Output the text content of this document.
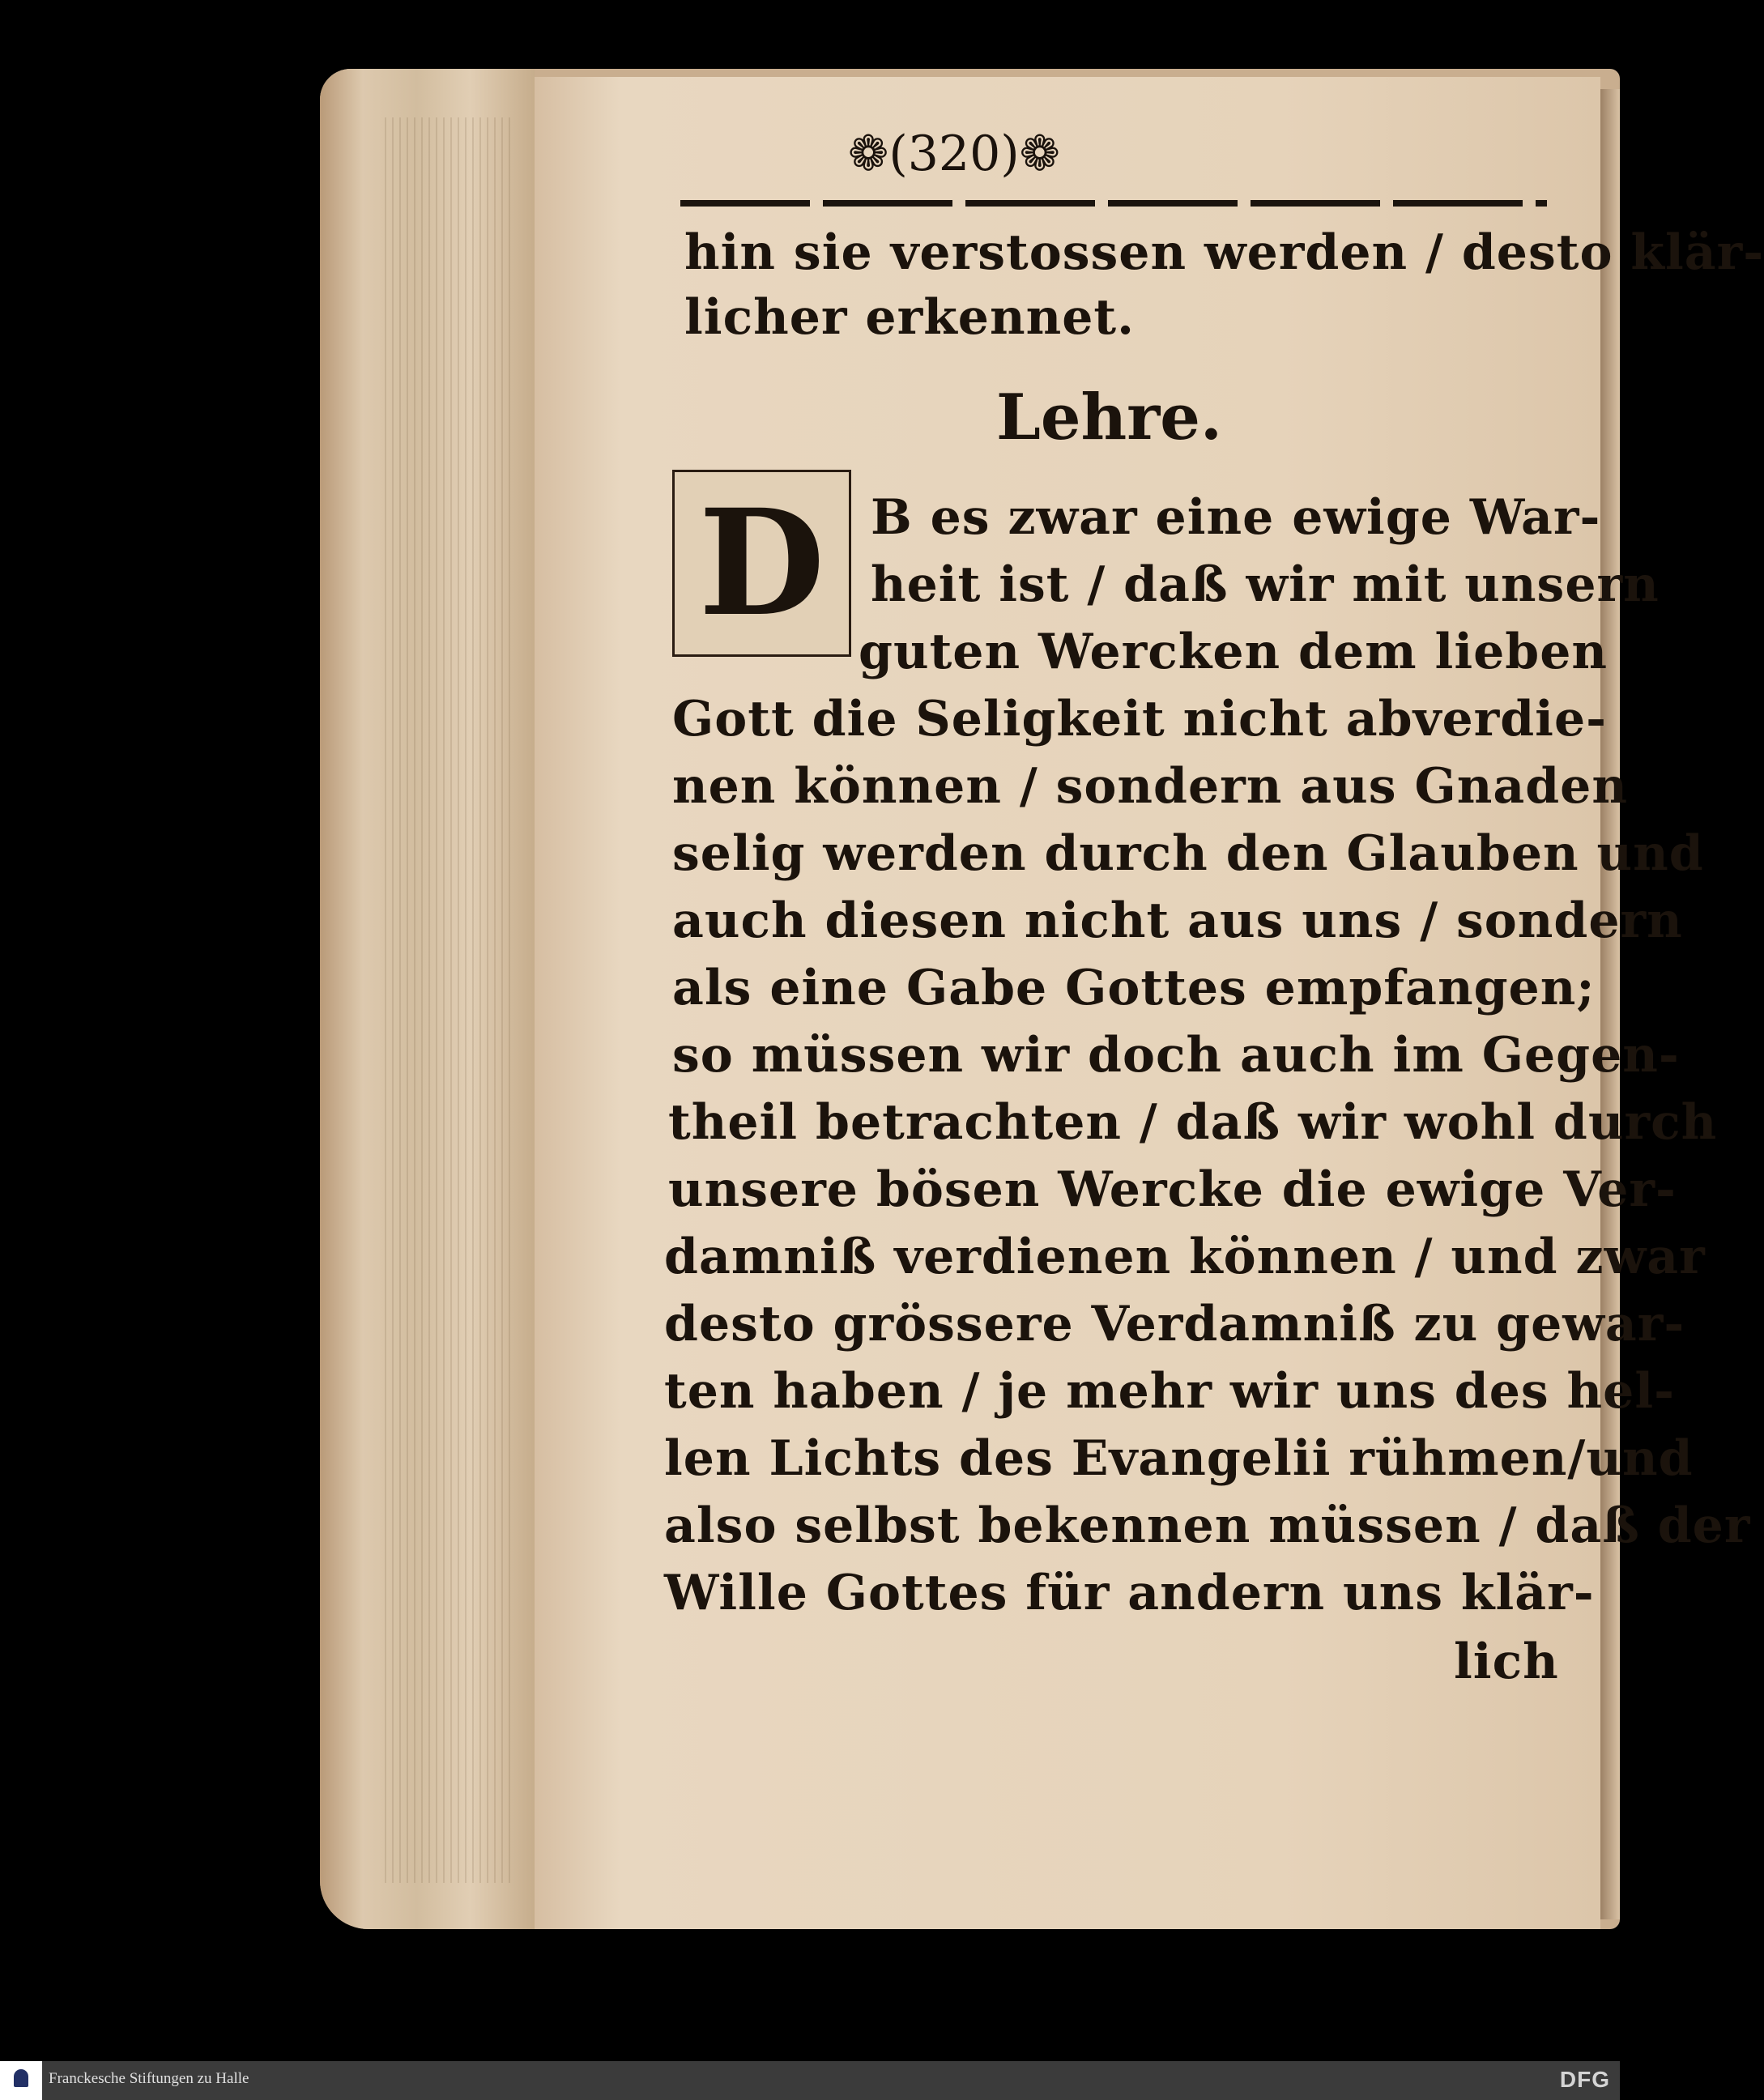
❁(320)❁
hin sie verstossen werden / desto klär-
licher erkennet.
Lehre.
D B es zwar eine ewige War-
heit ist / daß wir mit unsern
guten Wercken dem lieben
Gott die Seligkeit nicht abverdie-
nen können / sondern aus Gnaden
selig werden durch den Glauben und
auch diesen nicht aus uns / sondern
als eine Gabe Gottes empfangen;
so müssen wir doch auch im Gegen-
theil betrachten / daß wir wohl durch
unsere bösen Wercke die ewige Ver-
damniß verdienen können / und zwar
desto grössere Verdamniß zu gewar-
ten haben / je mehr wir uns des hel-
len Lichts des Evangelii rühmen/und
also selbst bekennen müssen / daß der
Wille Gottes für andern uns klär-
lich
Franckesche Stiftungen zu Halle	DFG
